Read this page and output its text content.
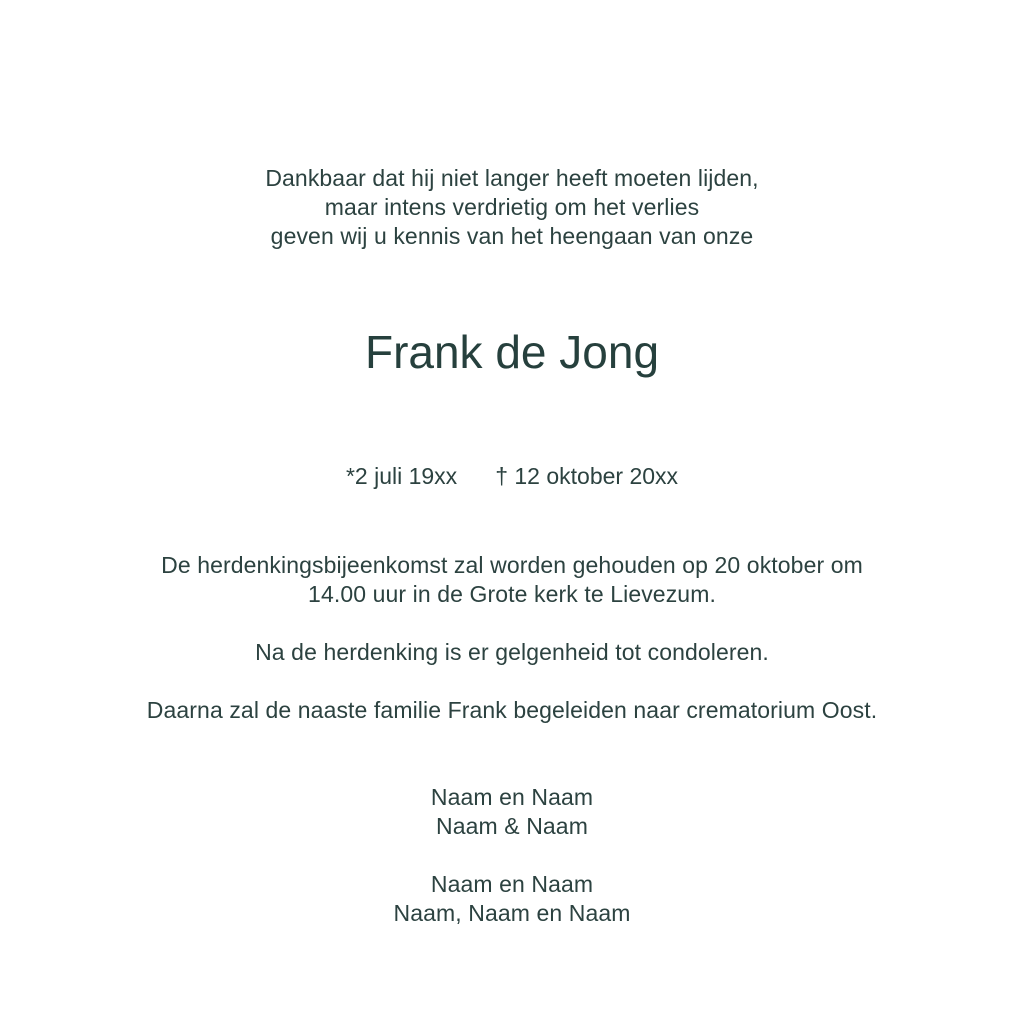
Dankbaar dat hij niet langer heeft moeten lijden,
maar intens verdrietig om het verlies
geven wij u kennis van het heengaan van onze
Frank de Jong
*2 juli 19xx † 12 oktober 20xx
De herdenkingsbijeenkomst zal worden gehouden op 20 oktober om
14.00 uur in de Grote kerk te Lievezum.
Na de herdenking is er gelgenheid tot condoleren.
Daarna zal de naaste familie Frank begeleiden naar crematorium Oost.
Naam en Naam
Naam & Naam
Naam en Naam
Naam, Naam en Naam
